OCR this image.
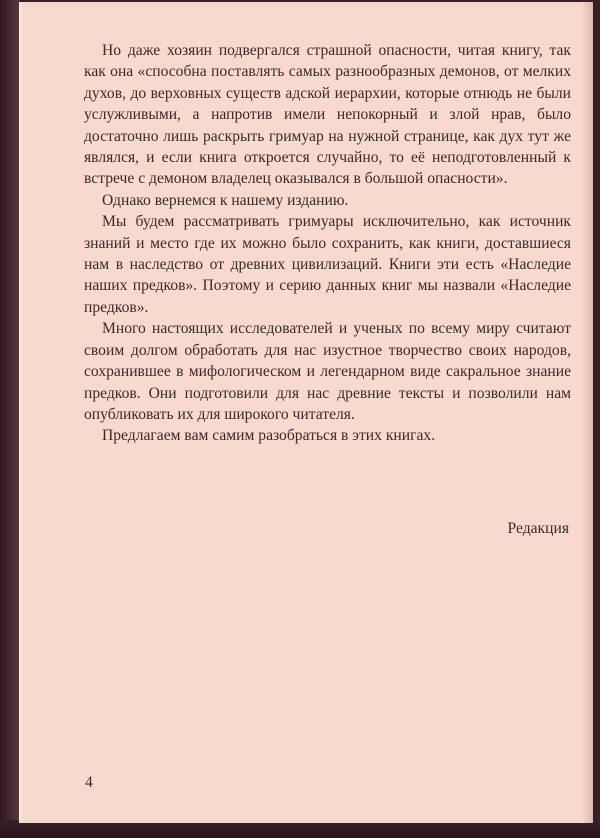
Но даже хозяин подвергался страшной опасности, читая книгу, так как она «способна поставлять самых разнообразных демонов, от мелких духов, до верховных существ адской иерархии, которые отнюдь не были услужливыми, а напротив имели непокорный и злой нрав, было достаточно лишь раскрыть гримуар на нужной странице, как дух тут же являлся, и если книга откроется случайно, то её неподготовленный к встрече с демоном владелец оказывался в большой опасности».

Однако вернемся к нашему изданию.

Мы будем рассматривать гримуары исключительно, как источник знаний и место где их можно было сохранить, как книги, доставшиеся нам в наследство от древних цивилизаций. Книги эти есть «Наследие наших предков». Поэтому и серию данных книг мы назвали «Наследие предков».

Много настоящих исследователей и ученых по всему миру считают своим долгом обработать для нас изустное творчество своих народов, сохранившее в мифологическом и легендарном виде сакральное знание предков. Они подготовили для нас древние тексты и позволили нам опубликовать их для широкого читателя.

Предлагаем вам самим разобраться в этих книгах.

Редакция
4
